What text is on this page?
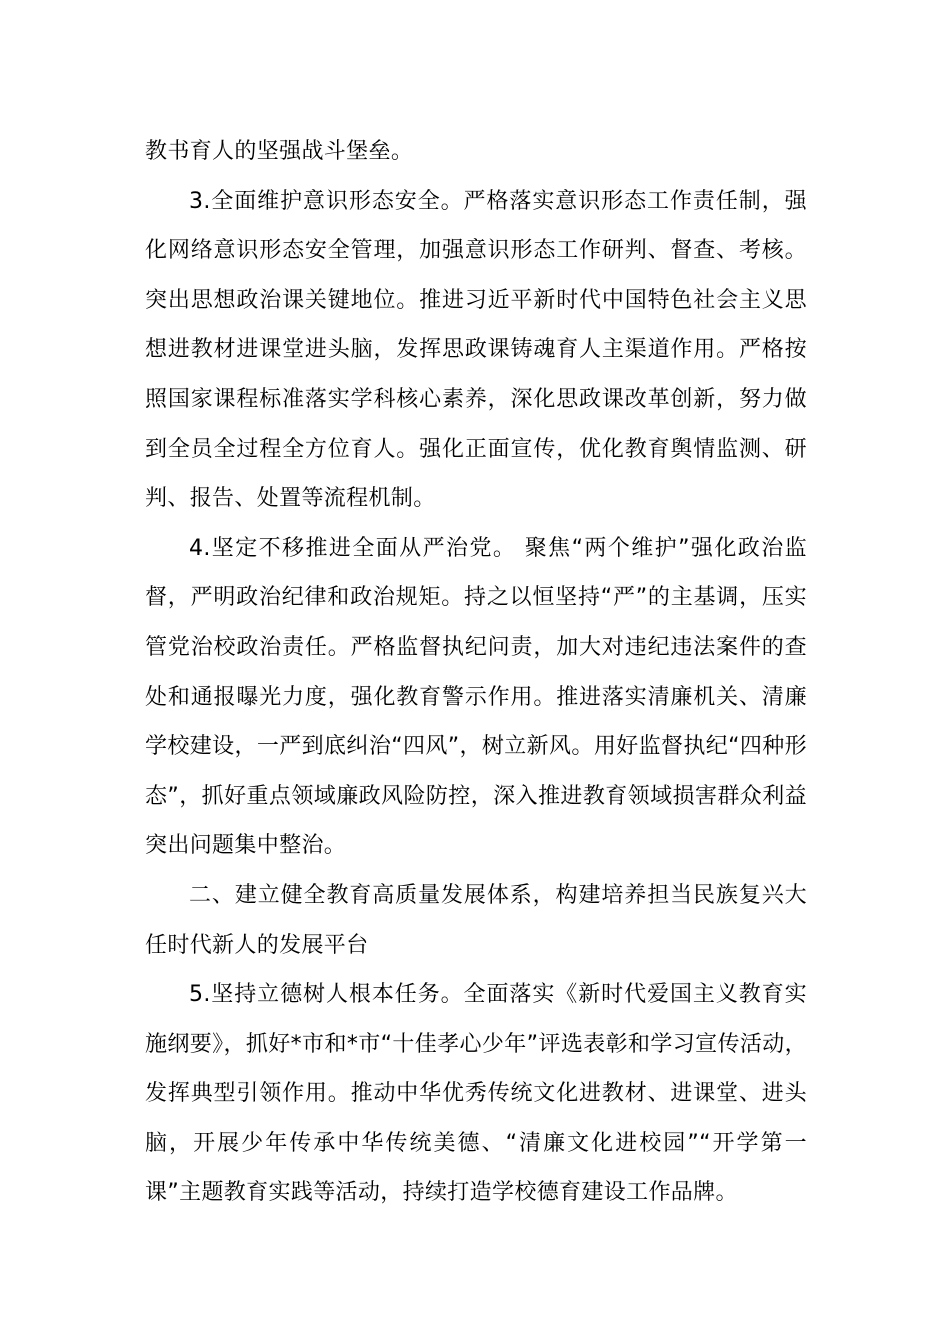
教书育人的坚强战斗堡垒。

3.全面维护意识形态安全。严格落实意识形态工作责任制，强化网络意识形态安全管理，加强意识形态工作研判、督查、考核。突出思想政治课关键地位。推进习近平新时代中国特色社会主义思想进教材进课堂进头脑，发挥思政课铸魂育人主渠道作用。严格按照国家课程标准落实学科核心素养，深化思政课改革创新，努力做到全员全过程全方位育人。强化正面宣传，优化教育舆情监测、研判、报告、处置等流程机制。

4.坚定不移推进全面从严治党。 聚焦“两个维护”强化政治监督，严明政治纪律和政治规矩。持之以恒坚持“严”的主基调，压实管党治校政治责任。严格监督执纪问责，加大对违纪违法案件的查处和通报曝光力度，强化教育警示作用。推进落实清廉机关、清廉学校建设，一严到底纠治“四风”，树立新风。用好监督执纪“四种形态”，抓好重点领域廉政风险防控，深入推进教育领域损害群众利益突出问题集中整治。

二、建立健全教育高质量发展体系，构建培养担当民族复兴大任时代新人的发展平台

5.坚持立德树人根本任务。全面落实《新时代爱国主义教育实施纲要》，抓好*市和*市“十佳孝心少年”评选表彰和学习宣传活动，发挥典型引领作用。推动中华优秀传统文化进教材、进课堂、进头脑，开展少年传承中华传统美德、“清廉文化进校园”“开学第一课”主题教育实践等活动，持续打造学校德育建设工作品牌。
